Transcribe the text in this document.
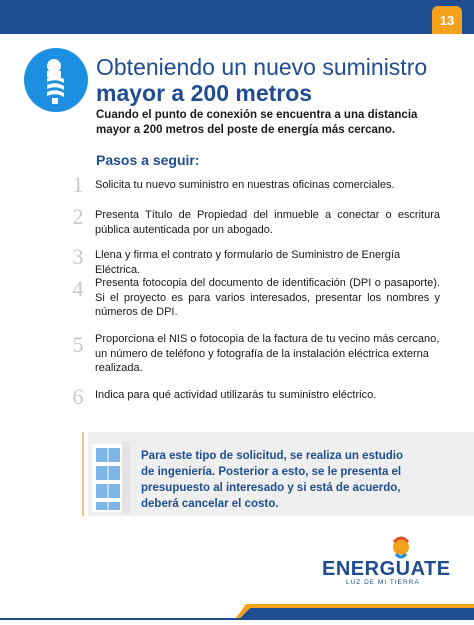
13
Obteniendo un nuevo suministro
mayor a 200 metros
Cuando el punto de conexión se encuentra a una distancia mayor a 200 metros del poste de energía más cercano.
Pasos a seguir:
1 Solicita tu nuevo suministro en nuestras oficinas comerciales.
2 Presenta Título de Propiedad del inmueble a conectar o escritura pública autenticada por un abogado.
3 Llena y firma el contrato y formulario de Suministro de Energía Eléctrica.
4 Presenta fotocopia del documento de identificación (DPI o pasaporte). Si el proyecto es para varios interesados, presentar los nombres y números de DPI.
5 Proporciona el NIS o fotocopia de la factura de tu vecino más cercano, un número de teléfono y fotografía de la instalación eléctrica externa realizada.
6 Indica para qué actividad utilizarás tu suministro eléctrico.
Para este tipo de solicitud, se realiza un estudio de ingeniería. Posterior a esto, se le presenta el presupuesto al interesado y si está de acuerdo, deberá cancelar el costo.
ENERGUATE
LUZ DE MI TIERRA
